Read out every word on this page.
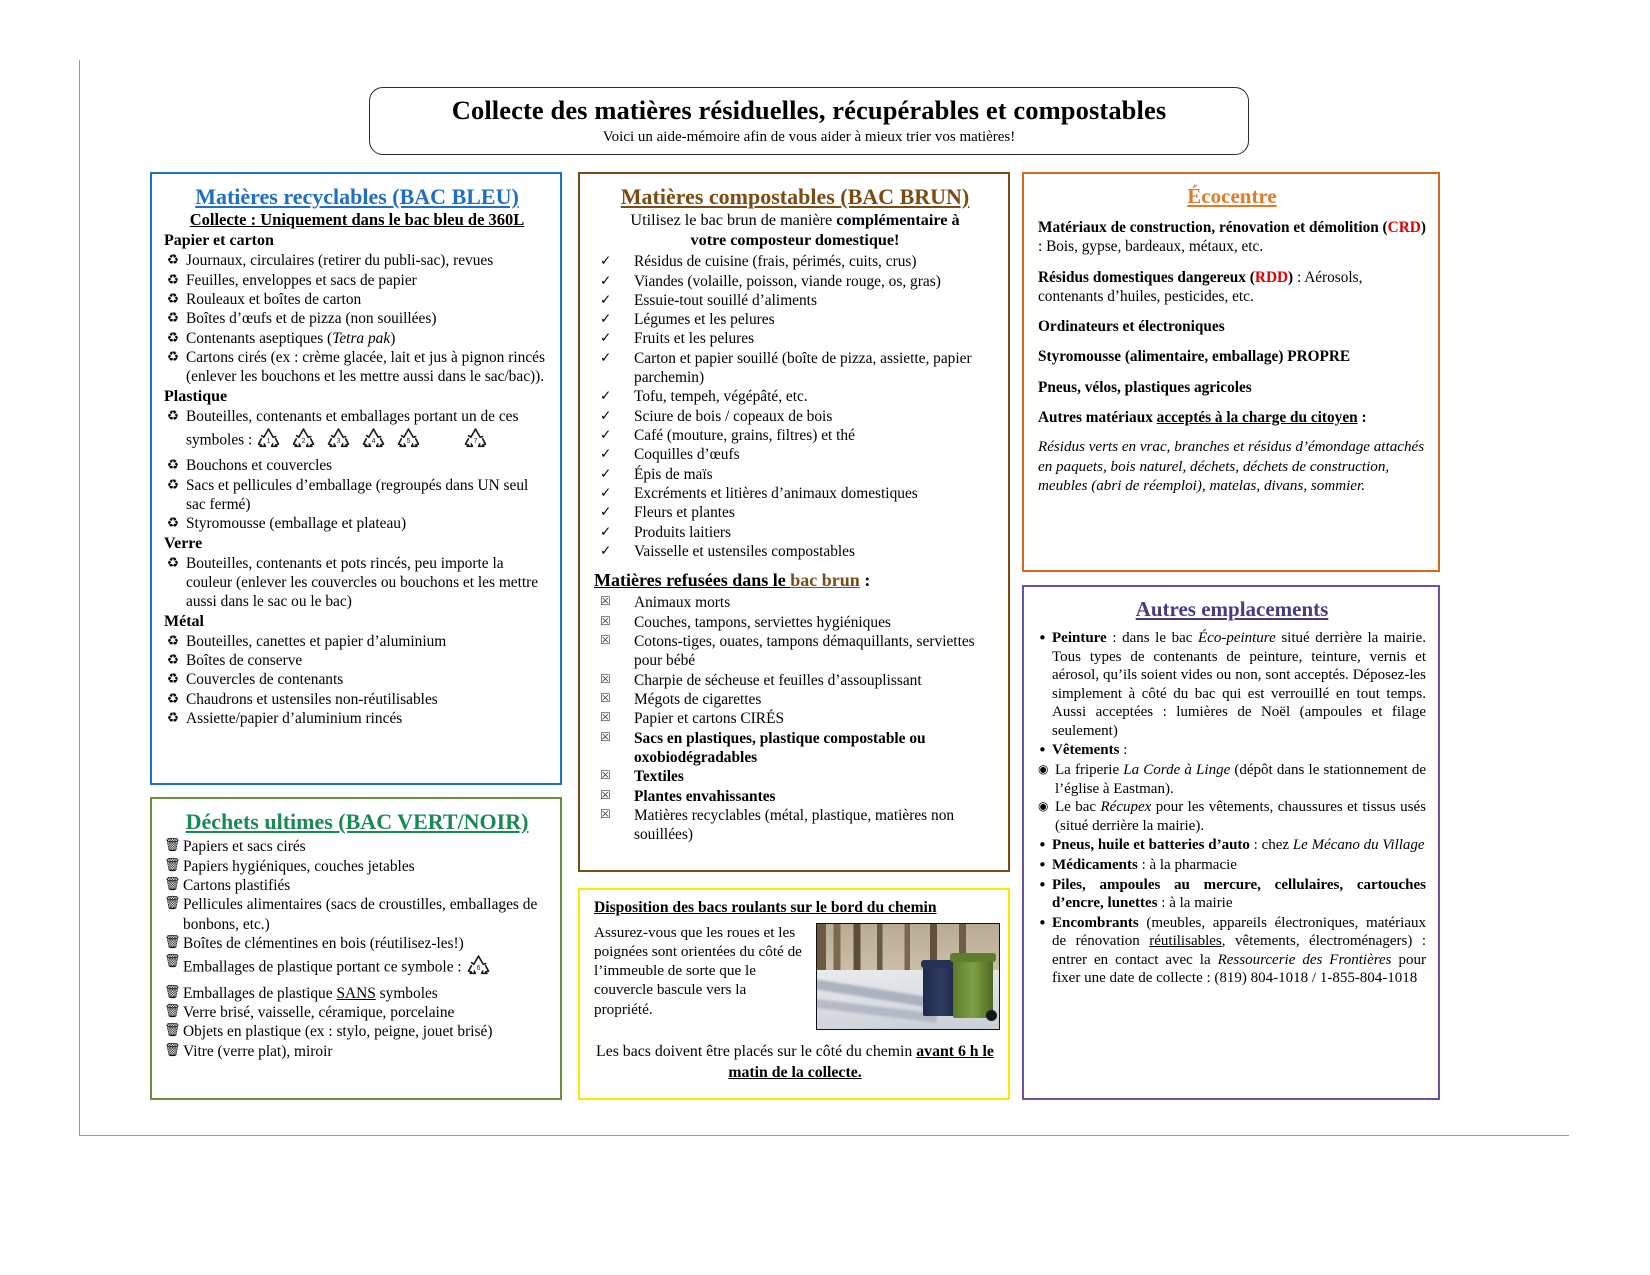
Collecte des matières résiduelles, récupérables et compostables
Voici un aide-mémoire afin de vous aider à mieux trier vos matières!
Matières recyclables (BAC BLEU)
Collecte : Uniquement dans le bac bleu de 360L
Papier et carton
♻ Journaux, circulaires (retirer du publi-sac), revues
♻ Feuilles, enveloppes et sacs de papier
♻ Rouleaux et boîtes de carton
♻ Boîtes d’œufs et de pizza (non souillées)
♻ Contenants aseptiques (Tetra pak)
♻ Cartons cirés (ex : crème glacée, lait et jus à pignon rincés (enlever les bouchons et les mettre aussi dans le sac/bac)).
Plastique
♻ Bouteilles, contenants et emballages portant un de ces symboles : 1	2	3	4	5	7
♻ Bouchons et couvercles
♻ Sacs et pellicules d’emballage (regroupés dans UN seul sac fermé)
♻ Styromousse (emballage et plateau)
Verre
♻ Bouteilles, contenants et pots rincés, peu importe la couleur (enlever les couvercles ou bouchons et les mettre aussi dans le sac ou le bac)
Métal
♻ Bouteilles, canettes et papier d’aluminium
♻ Boîtes de conserve
♻ Couvercles de contenants
♻ Chaudrons et ustensiles non-réutilisables
♻ Assiette/papier d’aluminium rincés
Déchets ultimes (BAC VERT/NOIR)
🗑 Papiers et sacs cirés
🗑 Papiers hygiéniques, couches jetables
🗑 Cartons plastifiés
🗑 Pellicules alimentaires (sacs de croustilles, emballages de bonbons, etc.)
🗑 Boîtes de clémentines en bois (réutilisez-les!)
🗑 Emballages de plastique portant ce symbole : 6
🗑 Emballages de plastique SANS symboles
🗑 Verre brisé, vaisselle, céramique, porcelaine
🗑 Objets en plastique (ex : stylo, peigne, jouet brisé)
🗑 Vitre (verre plat), miroir
Matières compostables (BAC BRUN)
Utilisez le bac brun de manière complémentaire à
votre composteur domestique!
✓	Résidus de cuisine (frais, périmés, cuits, crus)
✓	Viandes (volaille, poisson, viande rouge, os, gras)
✓	Essuie-tout souillé d’aliments
✓	Légumes et les pelures
✓	Fruits et les pelures
✓	Carton et papier souillé (boîte de pizza, assiette, papier parchemin)
✓	Tofu, tempeh, végépâté, etc.
✓	Sciure de bois / copeaux de bois
✓	Café (mouture, grains, filtres) et thé
✓	Coquilles d’œufs
✓	Épis de maïs
✓	Excréments et litières d’animaux domestiques
✓	Fleurs et plantes
✓	Produits laitiers
✓	Vaisselle et ustensiles compostables
Matières refusées dans le bac brun :
☒	Animaux morts
☒	Couches, tampons, serviettes hygiéniques
☒	Cotons-tiges, ouates, tampons démaquillants, serviettes pour bébé
☒	Charpie de sécheuse et feuilles d’assouplissant
☒	Mégots de cigarettes
☒	Papier et cartons CIRÉS
☒	Sacs en plastiques, plastique compostable ou oxobiodégradables
☒	Textiles
☒	Plantes envahissantes
☒	Matières recyclables (métal, plastique, matières non souillées)
Disposition des bacs roulants sur le bord du chemin
Assurez-vous que les roues et les poignées sont orientées du côté de l’immeuble de sorte que le couvercle bascule vers la propriété.
Les bacs doivent être placés sur le côté du chemin avant 6 h le matin de la collecte.
Écocentre
Matériaux de construction, rénovation et démolition (CRD) : Bois, gypse, bardeaux, métaux, etc.
Résidus domestiques dangereux (RDD) : Aérosols, contenants d’huiles, pesticides, etc.
Ordinateurs et électroniques
Styromousse (alimentaire, emballage) PROPRE
Pneus, vélos, plastiques agricoles
Autres matériaux acceptés à la charge du citoyen :
Résidus verts en vrac, branches et résidus d’émondage attachés en paquets, bois naturel, déchets, déchets de construction, meubles (abri de réemploi), matelas, divans, sommier.
Autres emplacements
• Peinture : dans le bac Éco-peinture situé derrière la mairie. Tous types de contenants de peinture, teinture, vernis et aérosol, qu’ils soient vides ou non, sont acceptés. Déposez-les simplement à côté du bac qui est verrouillé en tout temps. Aussi acceptées : lumières de Noël (ampoules et filage seulement)
• Vêtements :
◉ La friperie La Corde à Linge (dépôt dans le stationnement de l’église à Eastman).
◉ Le bac Récupex pour les vêtements, chaussures et tissus usés (situé derrière la mairie).
• Pneus, huile et batteries d’auto : chez Le Mécano du Village
• Médicaments : à la pharmacie
• Piles, ampoules au mercure, cellulaires, cartouches d’encre, lunettes : à la mairie
• Encombrants (meubles, appareils électroniques, matériaux de rénovation réutilisables, vêtements, électroménagers) : entrer en contact avec la Ressourcerie des Frontières pour fixer une date de collecte : (819) 804-1018 / 1-855-804-1018
